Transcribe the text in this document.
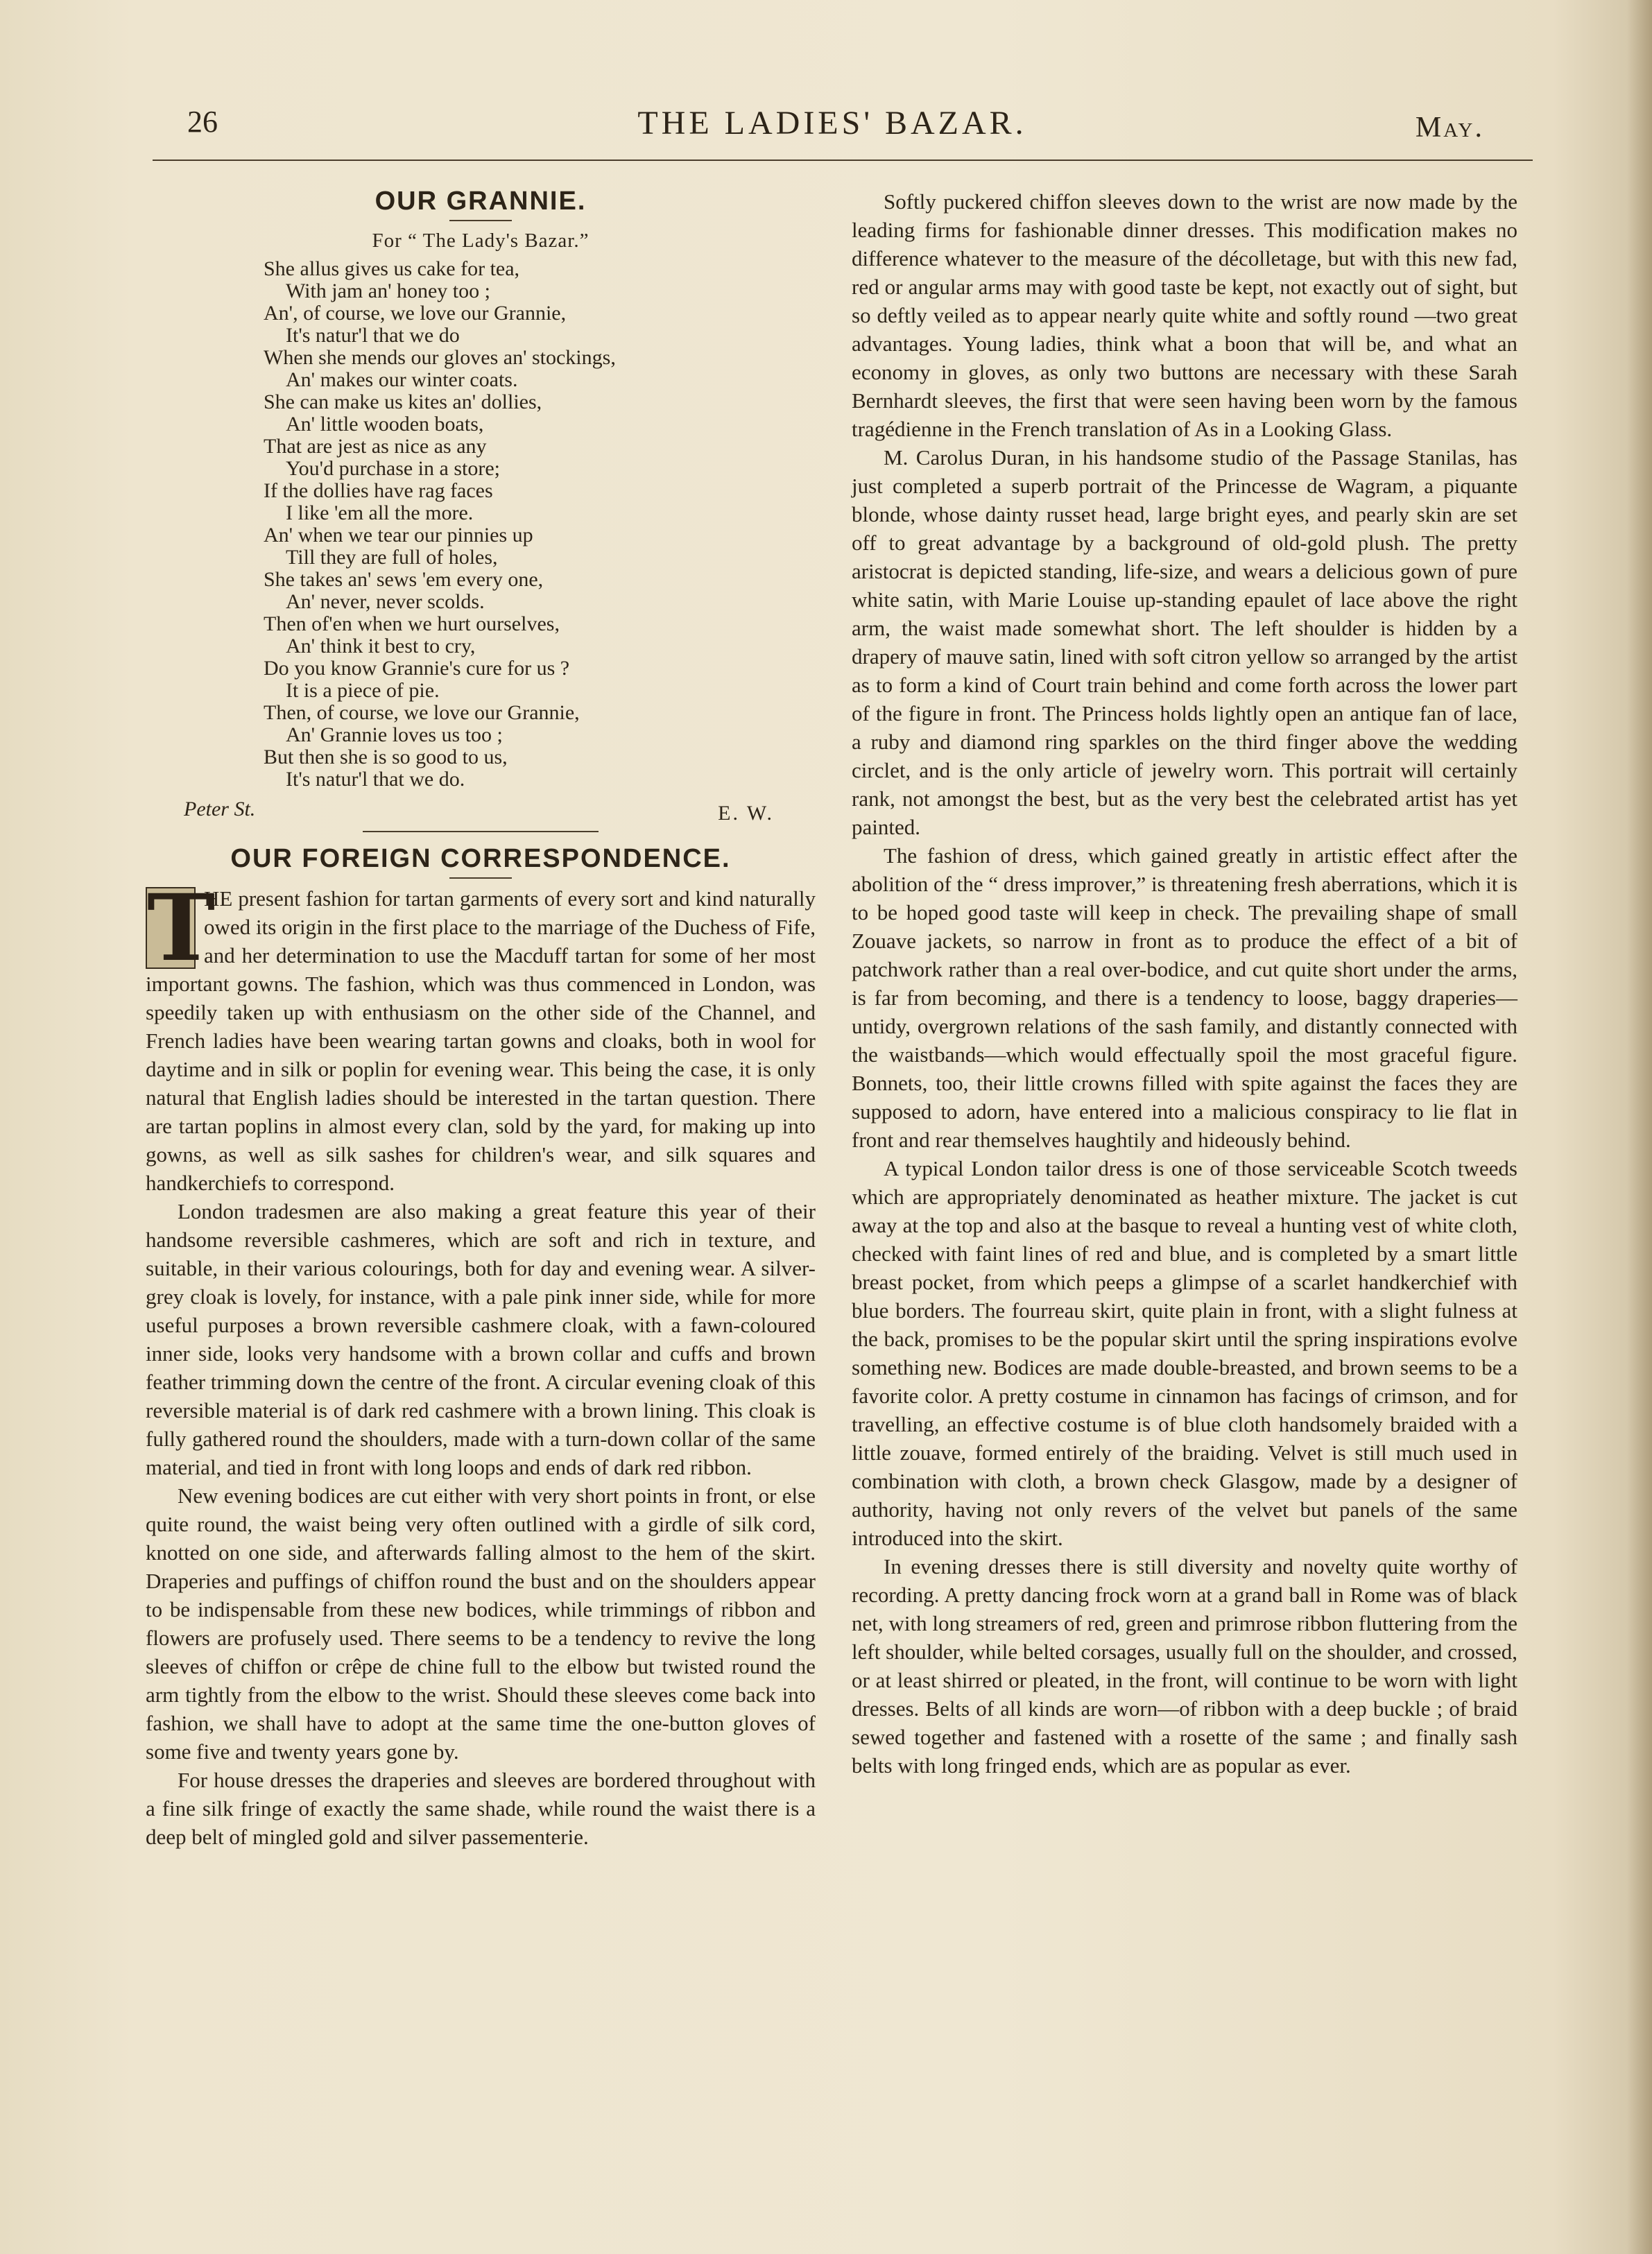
26	THE LADIES' BAZAR.	May.
OUR GRANNIE.
For “ The Lady's Bazar.”
She allus gives us cake for tea,
With jam an' honey too ;
An', of course, we love our Grannie,
It's natur'l that we do
When she mends our gloves an' stockings,
An' makes our winter coats.
She can make us kites an' dollies,
An' little wooden boats,
That are jest as nice as any
You'd purchase in a store;
If the dollies have rag faces
I like 'em all the more.
An' when we tear our pinnies up
Till they are full of holes,
She takes an' sews 'em every one,
An' never, never scolds.
Then of'en when we hurt ourselves,
An' think it best to cry,
Do you know Grannie's cure for us ?
It is a piece of pie.
Then, of course, we love our Grannie,
An' Grannie loves us too ;
But then she is so good to us,
It's natur'l that we do.
Peter St.	E. W.
OUR FOREIGN CORRESPONDENCE.
T

HE present fashion for tartan garments of every sort and kind naturally owed its origin in the first place to the marriage of the Duchess of Fife, and her determination to use the Macduff tartan for some of her most important gowns. The fashion, which was thus commenced in London, was speedily taken up with enthusiasm on the other side of the Channel, and French ladies have been wearing tartan gowns and cloaks, both in wool for daytime and in silk or poplin for evening wear. This being the case, it is only natural that English ladies should be interested in the tartan question. There are tartan poplins in almost every clan, sold by the yard, for making up into gowns, as well as silk sashes for children's wear, and silk squares and handkerchiefs to correspond.

London tradesmen are also making a great feature this year of their handsome reversible cashmeres, which are soft and rich in texture, and suitable, in their various colourings, both for day and evening wear. A silver-grey cloak is lovely, for instance, with a pale pink inner side, while for more useful purposes a brown reversible cashmere cloak, with a fawn-coloured inner side, looks very handsome with a brown collar and cuffs and brown feather trimming down the centre of the front. A circular evening cloak of this reversible material is of dark red cashmere with a brown lining. This cloak is fully gathered round the shoulders, made with a turn-down collar of the same material, and tied in front with long loops and ends of dark red ribbon.

New evening bodices are cut either with very short points in front, or else quite round, the waist being very often outlined with a girdle of silk cord, knotted on one side, and afterwards falling almost to the hem of the skirt. Draperies and puffings of chiffon round the bust and on the shoulders appear to be indispensable from these new bodices, while trimmings of ribbon and flowers are profusely used. There seems to be a tendency to revive the long sleeves of chiffon or crêpe de chine full to the elbow but twisted round the arm tightly from the elbow to the wrist. Should these sleeves come back into fashion, we shall have to adopt at the same time the one-button gloves of some five and twenty years gone by.

For house dresses the draperies and sleeves are bordered throughout with a fine silk fringe of exactly the same shade, while round the waist there is a deep belt of mingled gold and silver passementerie.

Softly puckered chiffon sleeves down to the wrist are now made by the leading firms for fashionable dinner dresses. This modification makes no difference whatever to the measure of the décolletage, but with this new fad, red or angular arms may with good taste be kept, not exactly out of sight, but so deftly veiled as to appear nearly quite white and softly round —two great advantages. Young ladies, think what a boon that will be, and what an economy in gloves, as only two buttons are necessary with these Sarah Bernhardt sleeves, the first that were seen having been worn by the famous tragédienne in the French translation of As in a Looking Glass.

M. Carolus Duran, in his handsome studio of the Passage Stanilas, has just completed a superb portrait of the Princesse de Wagram, a piquante blonde, whose dainty russet head, large bright eyes, and pearly skin are set off to great advantage by a background of old-gold plush. The pretty aristocrat is depicted standing, life-size, and wears a delicious gown of pure white satin, with Marie Louise up-standing epaulet of lace above the right arm, the waist made somewhat short. The left shoulder is hidden by a drapery of mauve satin, lined with soft citron yellow so arranged by the artist as to form a kind of Court train behind and come forth across the lower part of the figure in front. The Princess holds lightly open an antique fan of lace, a ruby and diamond ring sparkles on the third finger above the wedding circlet, and is the only article of jewelry worn. This portrait will certainly rank, not amongst the best, but as the very best the celebrated artist has yet painted.

The fashion of dress, which gained greatly in artistic effect after the abolition of the “ dress improver,” is threatening fresh aberrations, which it is to be hoped good taste will keep in check. The prevailing shape of small Zouave jackets, so narrow in front as to produce the effect of a bit of patchwork rather than a real over-bodice, and cut quite short under the arms, is far from becoming, and there is a tendency to loose, baggy draperies—untidy, overgrown relations of the sash family, and distantly connected with the waistbands—which would effectually spoil the most graceful figure. Bonnets, too, their little crowns filled with spite against the faces they are supposed to adorn, have entered into a malicious conspiracy to lie flat in front and rear themselves haughtily and hideously behind.

A typical London tailor dress is one of those serviceable Scotch tweeds which are appropriately denominated as heather mixture. The jacket is cut away at the top and also at the basque to reveal a hunting vest of white cloth, checked with faint lines of red and blue, and is completed by a smart little breast pocket, from which peeps a glimpse of a scarlet handkerchief with blue borders. The fourreau skirt, quite plain in front, with a slight fulness at the back, promises to be the popular skirt until the spring inspirations evolve something new. Bodices are made double-breasted, and brown seems to be a favorite color. A pretty costume in cinnamon has facings of crimson, and for travelling, an effective costume is of blue cloth handsomely braided with a little zouave, formed entirely of the braiding. Velvet is still much used in combination with cloth, a brown check Glasgow, made by a designer of authority, having not only revers of the velvet but panels of the same introduced into the skirt.

In evening dresses there is still diversity and novelty quite worthy of recording. A pretty dancing frock worn at a grand ball in Rome was of black net, with long streamers of red, green and primrose ribbon fluttering from the left shoulder, while belted corsages, usually full on the shoulder, and crossed, or at least shirred or pleated, in the front, will continue to be worn with light dresses. Belts of all kinds are worn—of ribbon with a deep buckle ; of braid sewed together and fastened with a rosette of the same ; and finally sash belts with long fringed ends, which are as popular as ever.
